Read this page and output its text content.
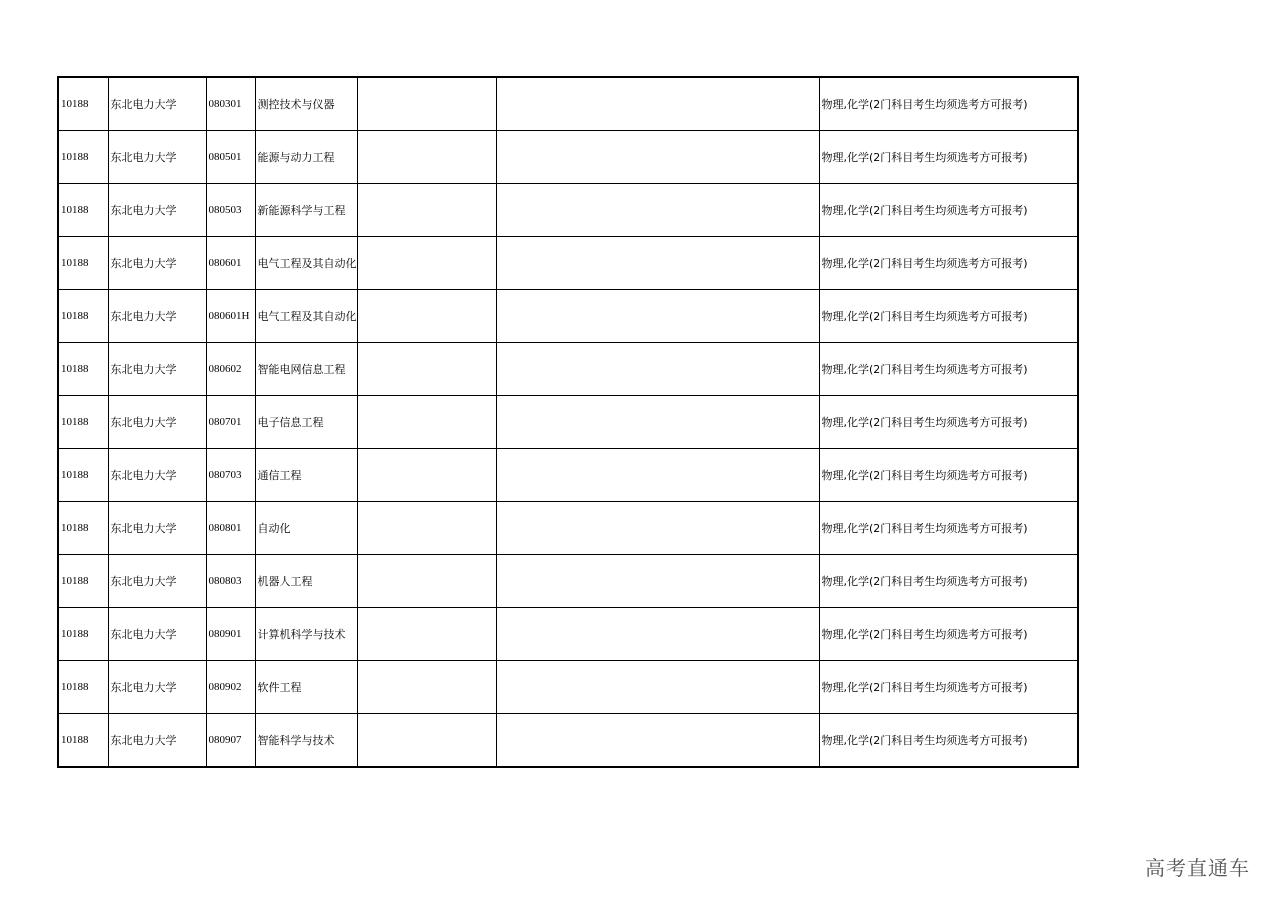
10188	东北电力大学	080301	测控技术与仪器			物理,化学(2门科目考生均须选考方可报考)
10188	东北电力大学	080501	能源与动力工程			物理,化学(2门科目考生均须选考方可报考)
10188	东北电力大学	080503	新能源科学与工程			物理,化学(2门科目考生均须选考方可报考)
10188	东北电力大学	080601	电气工程及其自动化			物理,化学(2门科目考生均须选考方可报考)
10188	东北电力大学	080601H	电气工程及其自动化			物理,化学(2门科目考生均须选考方可报考)
10188	东北电力大学	080602	智能电网信息工程			物理,化学(2门科目考生均须选考方可报考)
10188	东北电力大学	080701	电子信息工程			物理,化学(2门科目考生均须选考方可报考)
10188	东北电力大学	080703	通信工程			物理,化学(2门科目考生均须选考方可报考)
10188	东北电力大学	080801	自动化			物理,化学(2门科目考生均须选考方可报考)
10188	东北电力大学	080803	机器人工程			物理,化学(2门科目考生均须选考方可报考)
10188	东北电力大学	080901	计算机科学与技术			物理,化学(2门科目考生均须选考方可报考)
10188	东北电力大学	080902	软件工程			物理,化学(2门科目考生均须选考方可报考)
10188	东北电力大学	080907	智能科学与技术			物理,化学(2门科目考生均须选考方可报考)
高考直通车
